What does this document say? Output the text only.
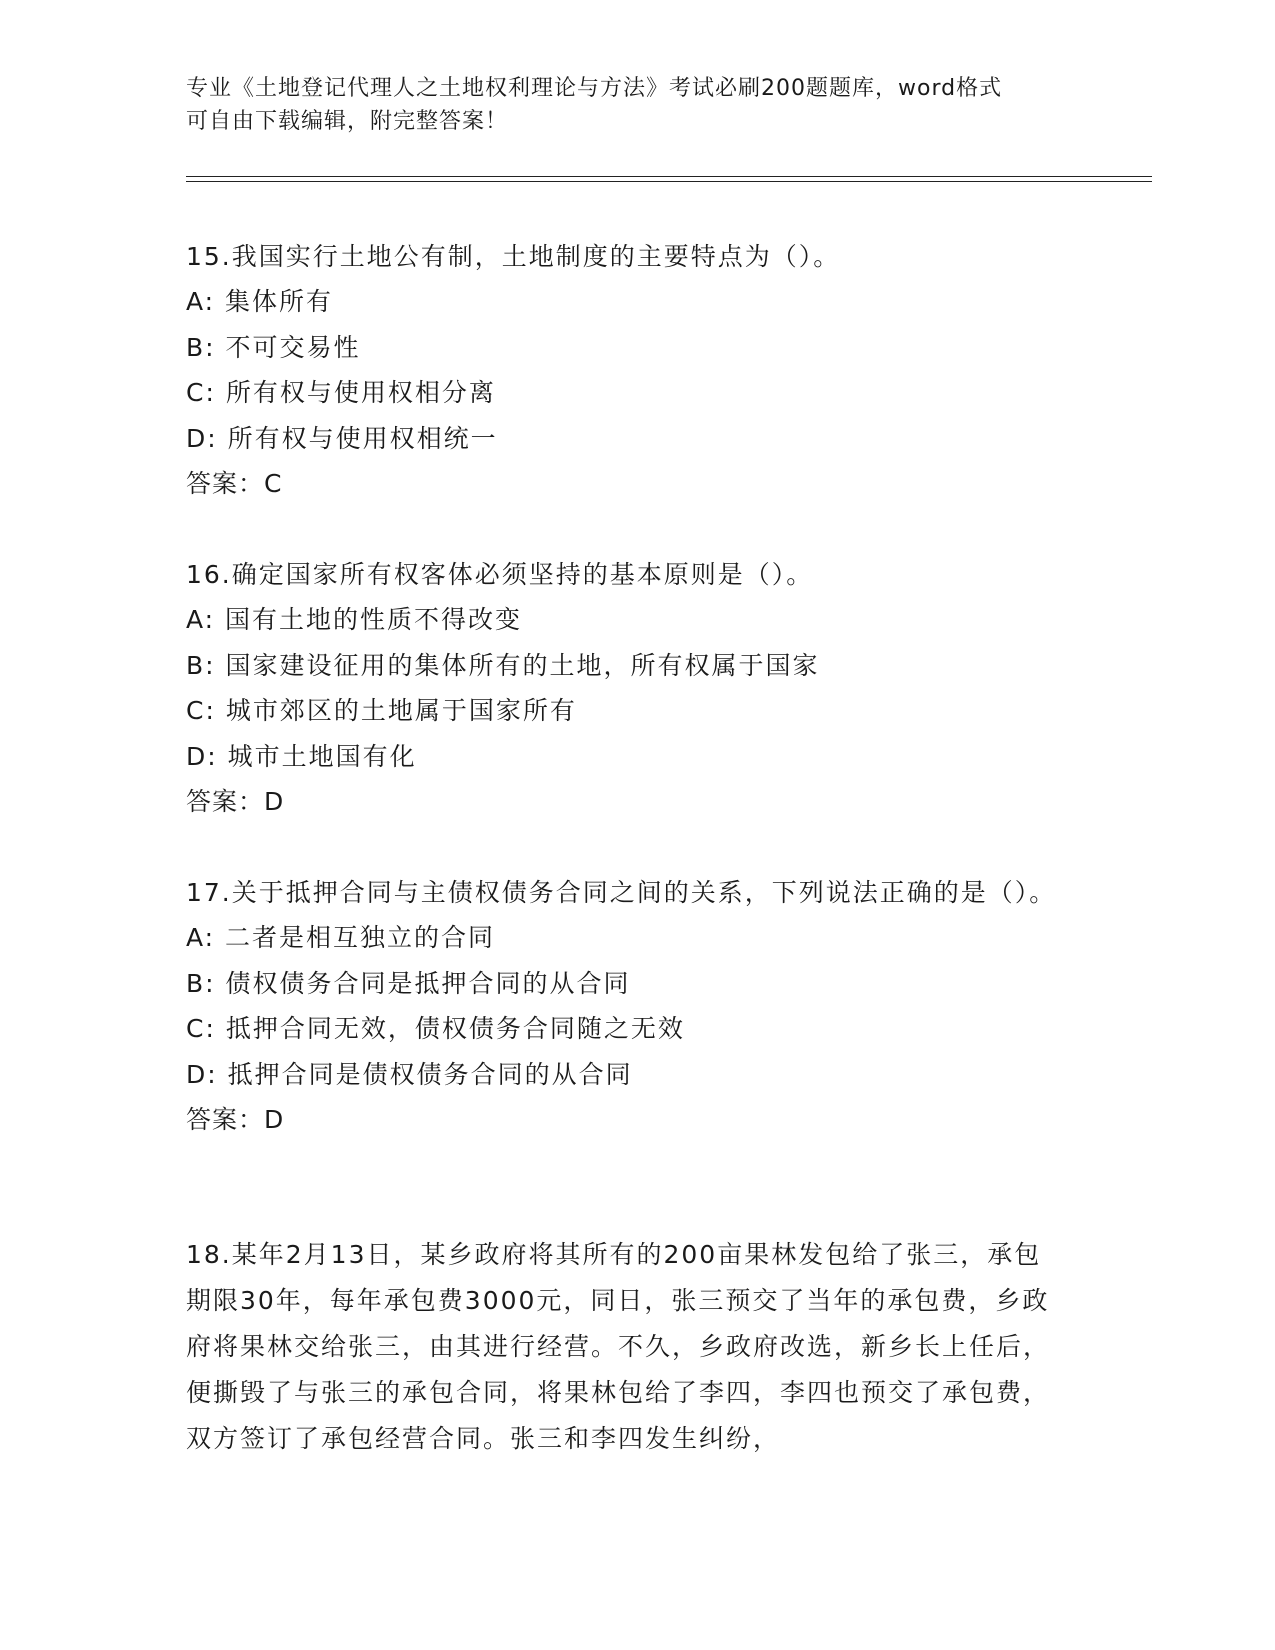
专业《土地登记代理人之土地权利理论与方法》考试必刷200题题库，word格式
可自由下载编辑，附完整答案！

15.我国实行土地公有制，土地制度的主要特点为（）。

A: 集体所有

B: 不可交易性

C: 所有权与使用权相分离

D: 所有权与使用权相统一

答案：C

16.确定国家所有权客体必须坚持的基本原则是（）。

A: 国有土地的性质不得改变

B: 国家建设征用的集体所有的土地，所有权属于国家

C: 城市郊区的土地属于国家所有

D: 城市土地国有化

答案：D

17.关于抵押合同与主债权债务合同之间的关系，下列说法正确的是（）。

A: 二者是相互独立的合同

B: 债权债务合同是抵押合同的从合同

C: 抵押合同无效，债权债务合同随之无效

D: 抵押合同是债权债务合同的从合同

答案：D

18.某年2月13日，某乡政府将其所有的200亩果林发包给了张三，承包期限30年，每年承包费3000元，同日，张三预交了当年的承包费，乡政府将果林交给张三，由其进行经营。不久，乡政府改选，新乡长上任后，便撕毁了与张三的承包合同，将果林包给了李四，李四也预交了承包费，双方签订了承包经营合同。张三和李四发生纠纷，
